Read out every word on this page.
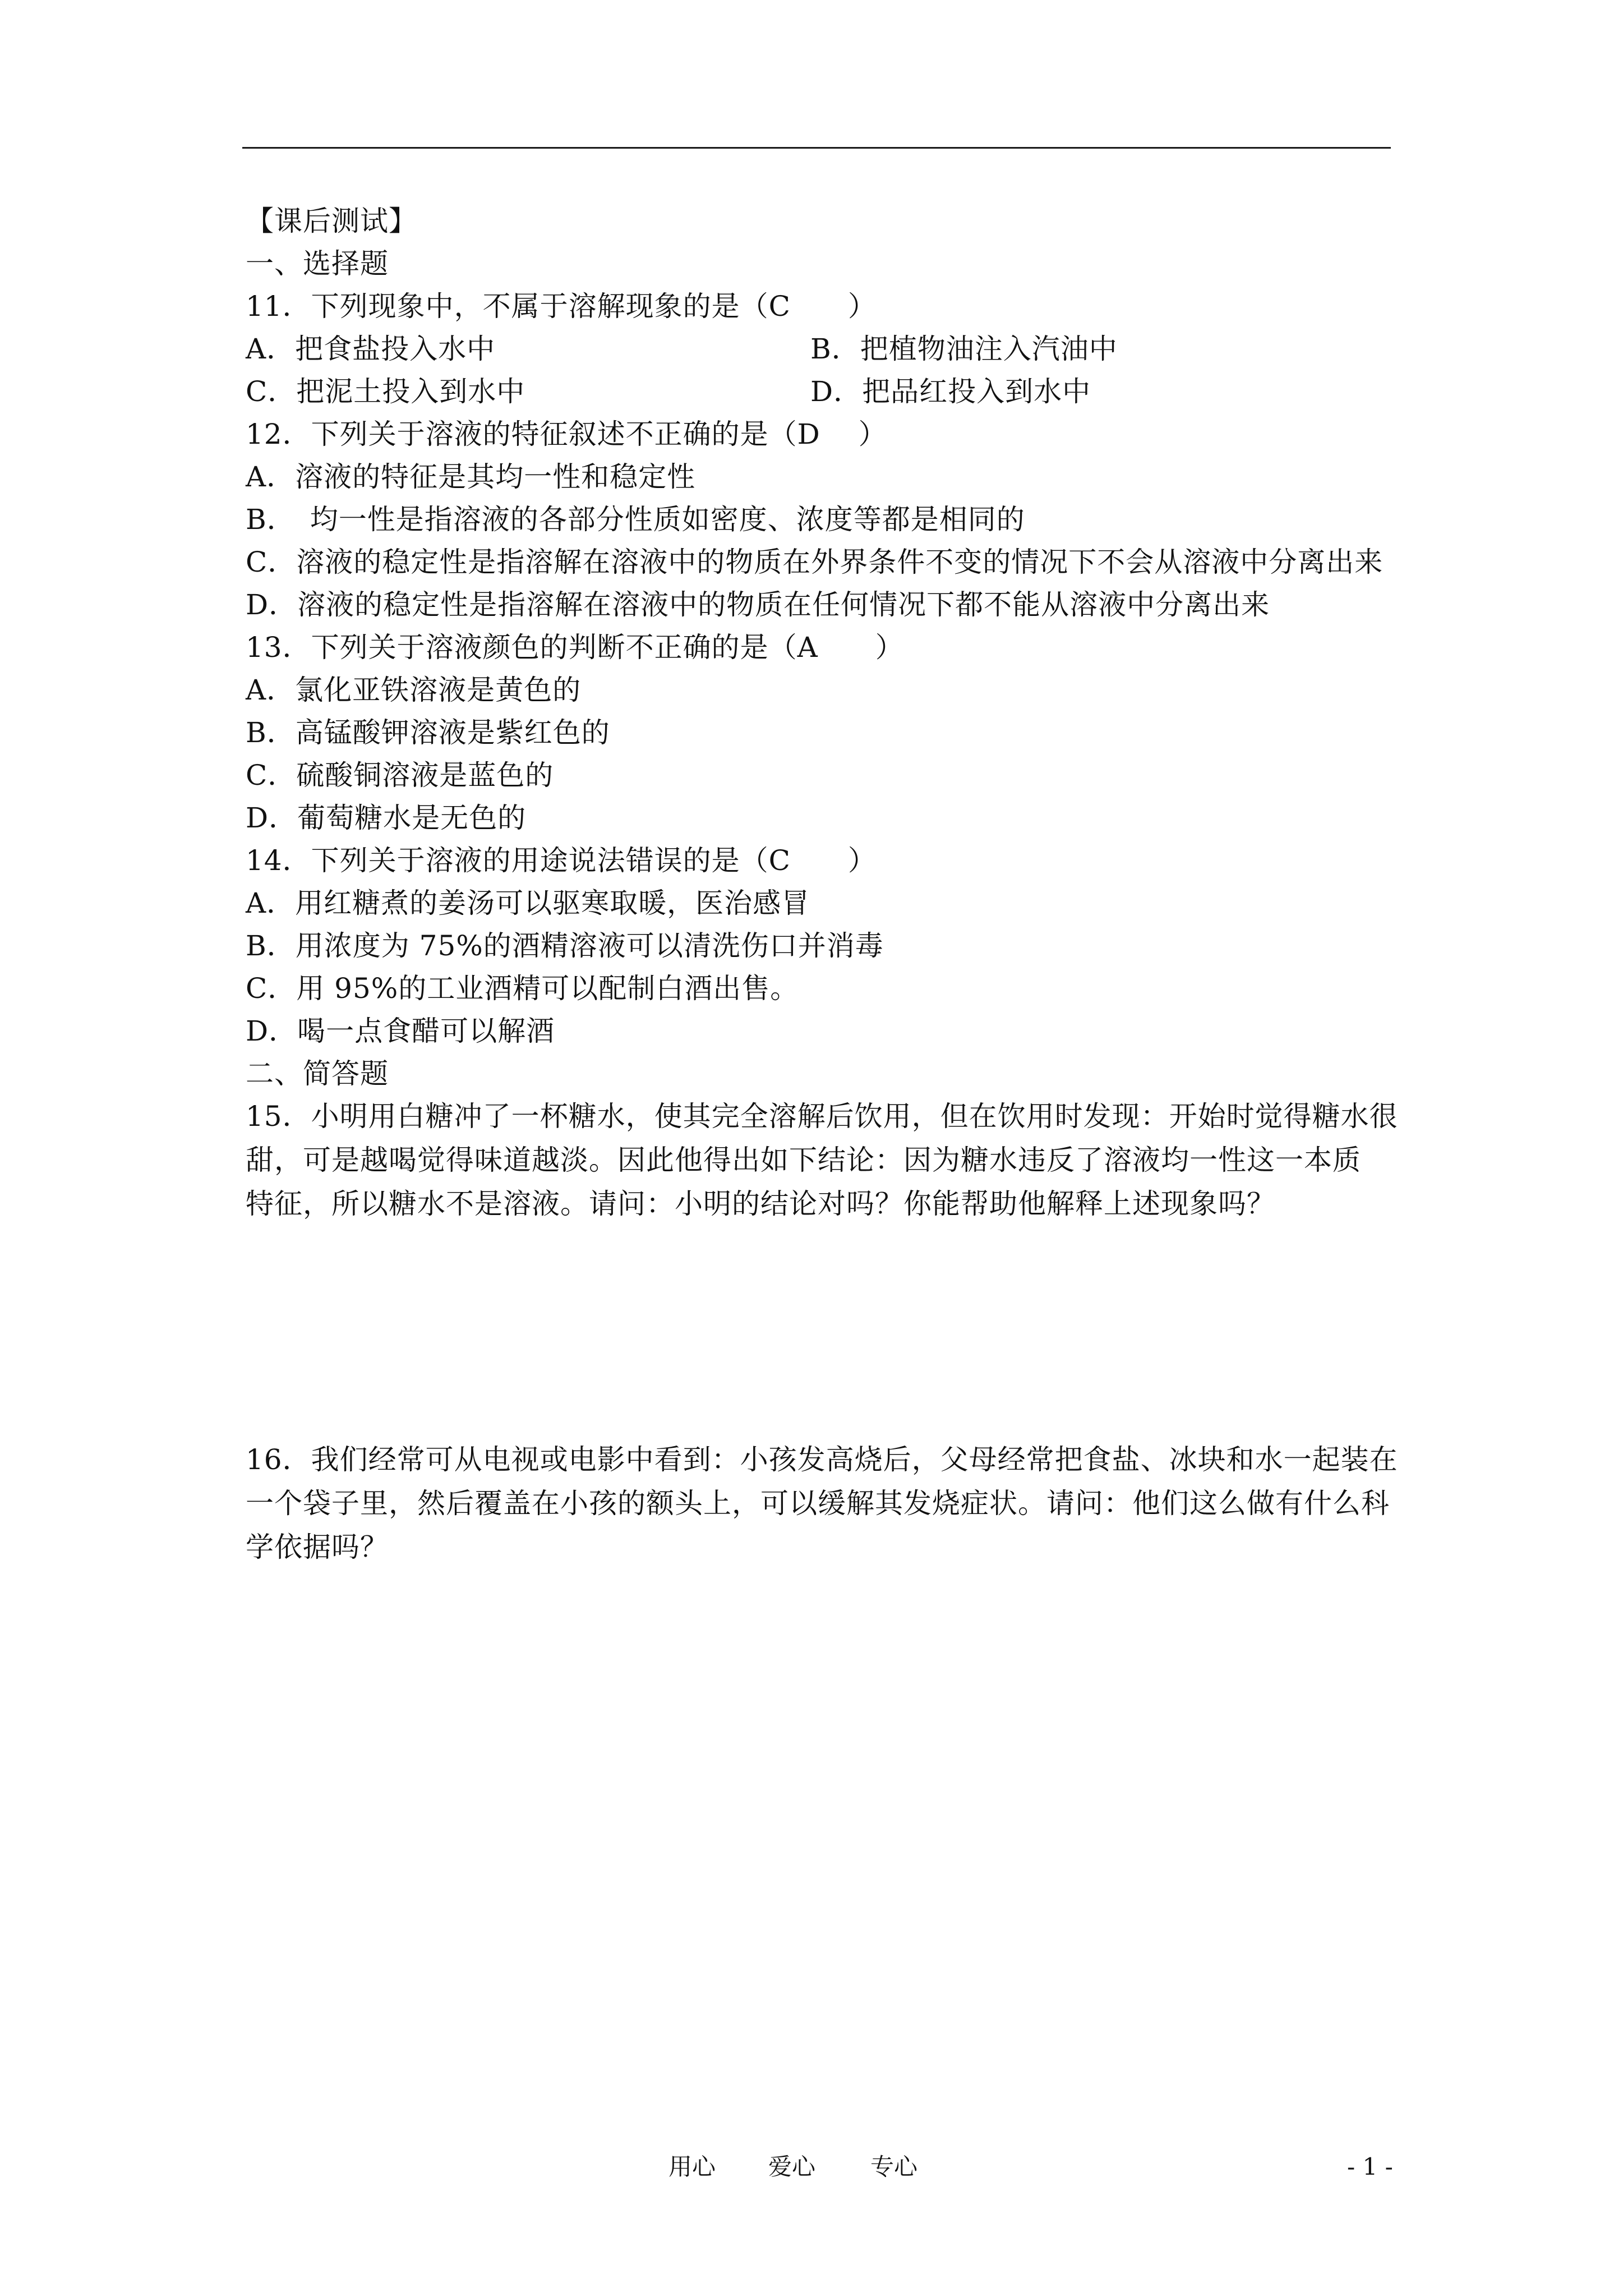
【课后测试】
一、选择题
11．下列现象中，不属于溶解现象的是（C　　）
A．把食盐投入水中	B．把植物油注入汽油中
C．把泥土投入到水中	D．把品红投入到水中
12．下列关于溶液的特征叙述不正确的是（D　 ）
A．溶液的特征是其均一性和稳定性
B．　均一性是指溶液的各部分性质如密度、浓度等都是相同的
C．溶液的稳定性是指溶解在溶液中的物质在外界条件不变的情况下不会从溶液中分离出来
D．溶液的稳定性是指溶解在溶液中的物质在任何情况下都不能从溶液中分离出来
13．下列关于溶液颜色的判断不正确的是（A　　）
A．氯化亚铁溶液是黄色的
B．高锰酸钾溶液是紫红色的
C．硫酸铜溶液是蓝色的
D．葡萄糖水是无色的
14．下列关于溶液的用途说法错误的是（C　　）
A．用红糖煮的姜汤可以驱寒取暖，医治感冒
B．用浓度为 75%的酒精溶液可以清洗伤口并消毒
C．用 95%的工业酒精可以配制白酒出售。
D．喝一点食醋可以解酒
二、简答题
15．小明用白糖冲了一杯糖水，使其完全溶解后饮用，但在饮用时发现：开始时觉得糖水很
甜，可是越喝觉得味道越淡。因此他得出如下结论：因为糖水违反了溶液均一性这一本质
特征，所以糖水不是溶液。请问：小明的结论对吗？你能帮助他解释上述现象吗？
16．我们经常可从电视或电影中看到：小孩发高烧后，父母经常把食盐、冰块和水一起装在
一个袋子里，然后覆盖在小孩的额头上，可以缓解其发烧症状。请问：他们这么做有什么科
学依据吗？
用心 爱心 专心	- 1 -
